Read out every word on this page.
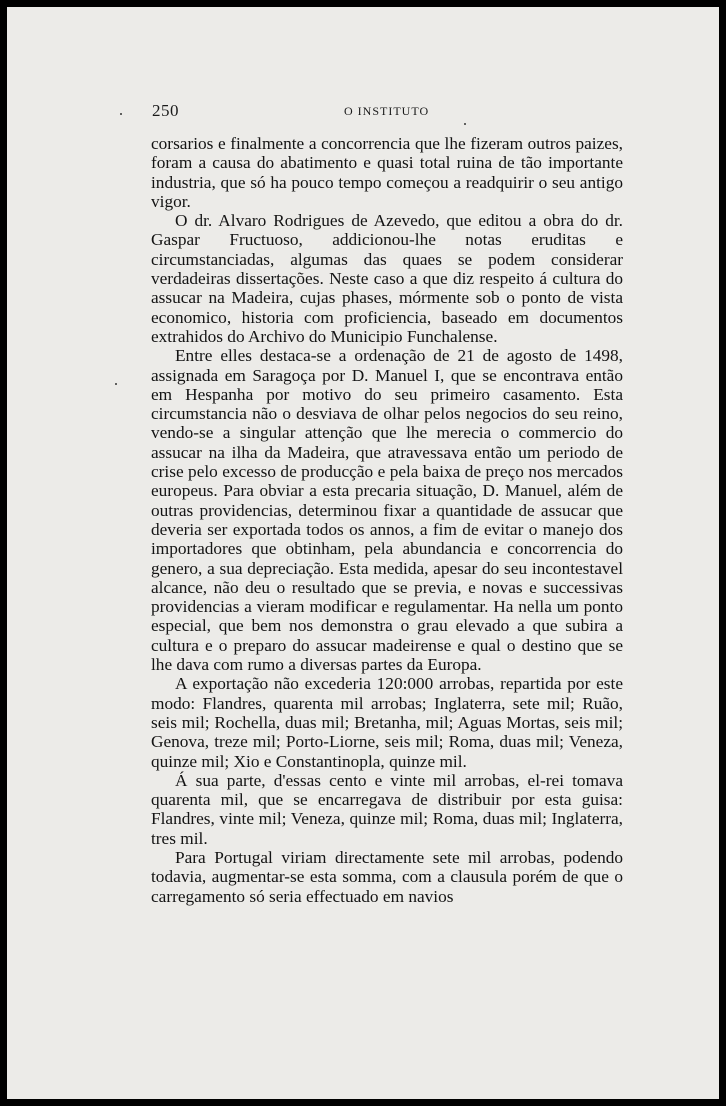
250	O INSTITUTO

corsarios e finalmente a concorrencia que lhe fizeram outros paizes, foram a causa do abatimento e quasi total ruina de tão importante industria, que só ha pouco tempo começou a readquirir o seu antigo vigor.

O dr. Alvaro Rodrigues de Azevedo, que editou a obra do dr. Gaspar Fructuoso, addicionou-lhe notas eruditas e circumstanciadas, algumas das quaes se podem considerar verdadeiras dissertações. Neste caso a que diz respeito á cultura do assucar na Madeira, cujas phases, mórmente sob o ponto de vista economico, historia com proficiencia, baseado em documentos extrahidos do Archivo do Municipio Funchalense.

Entre elles destaca-se a ordenação de 21 de agosto de 1498, assignada em Saragoça por D. Manuel I, que se encontrava então em Hespanha por motivo do seu primeiro casamento. Esta circumstancia não o desviava de olhar pelos negocios do seu reino, vendo-se a singular attenção que lhe merecia o commercio do assucar na ilha da Madeira, que atravessava então um periodo de crise pelo excesso de producção e pela baixa de preço nos mercados europeus. Para obviar a esta precaria situação, D. Manuel, além de outras providencias, determinou fixar a quantidade de assucar que deveria ser exportada todos os annos, a fim de evitar o manejo dos importadores que obtinham, pela abundancia e concorrencia do genero, a sua depreciação. Esta medida, apesar do seu incontestavel alcance, não deu o resultado que se previa, e novas e successivas providencias a vieram modificar e regulamentar. Ha nella um ponto especial, que bem nos demonstra o grau elevado a que subira a cultura e o preparo do assucar madeirense e qual o destino que se lhe dava com rumo a diversas partes da Europa.

A exportação não excederia 120:000 arrobas, repartida por este modo: Flandres, quarenta mil arrobas; Inglaterra, sete mil; Ruão, seis mil; Rochella, duas mil; Bretanha, mil; Aguas Mortas, seis mil; Genova, treze mil; Porto-Liorne, seis mil; Roma, duas mil; Veneza, quinze mil; Xio e Constantinopla, quinze mil.

Á sua parte, d'essas cento e vinte mil arrobas, el-rei tomava quarenta mil, que se encarregava de distribuir por esta guisa: Flandres, vinte mil; Veneza, quinze mil; Roma, duas mil; Inglaterra, tres mil.

Para Portugal viriam directamente sete mil arrobas, podendo todavia, augmentar-se esta somma, com a clausula porém de que o carregamento só seria effectuado em navios
